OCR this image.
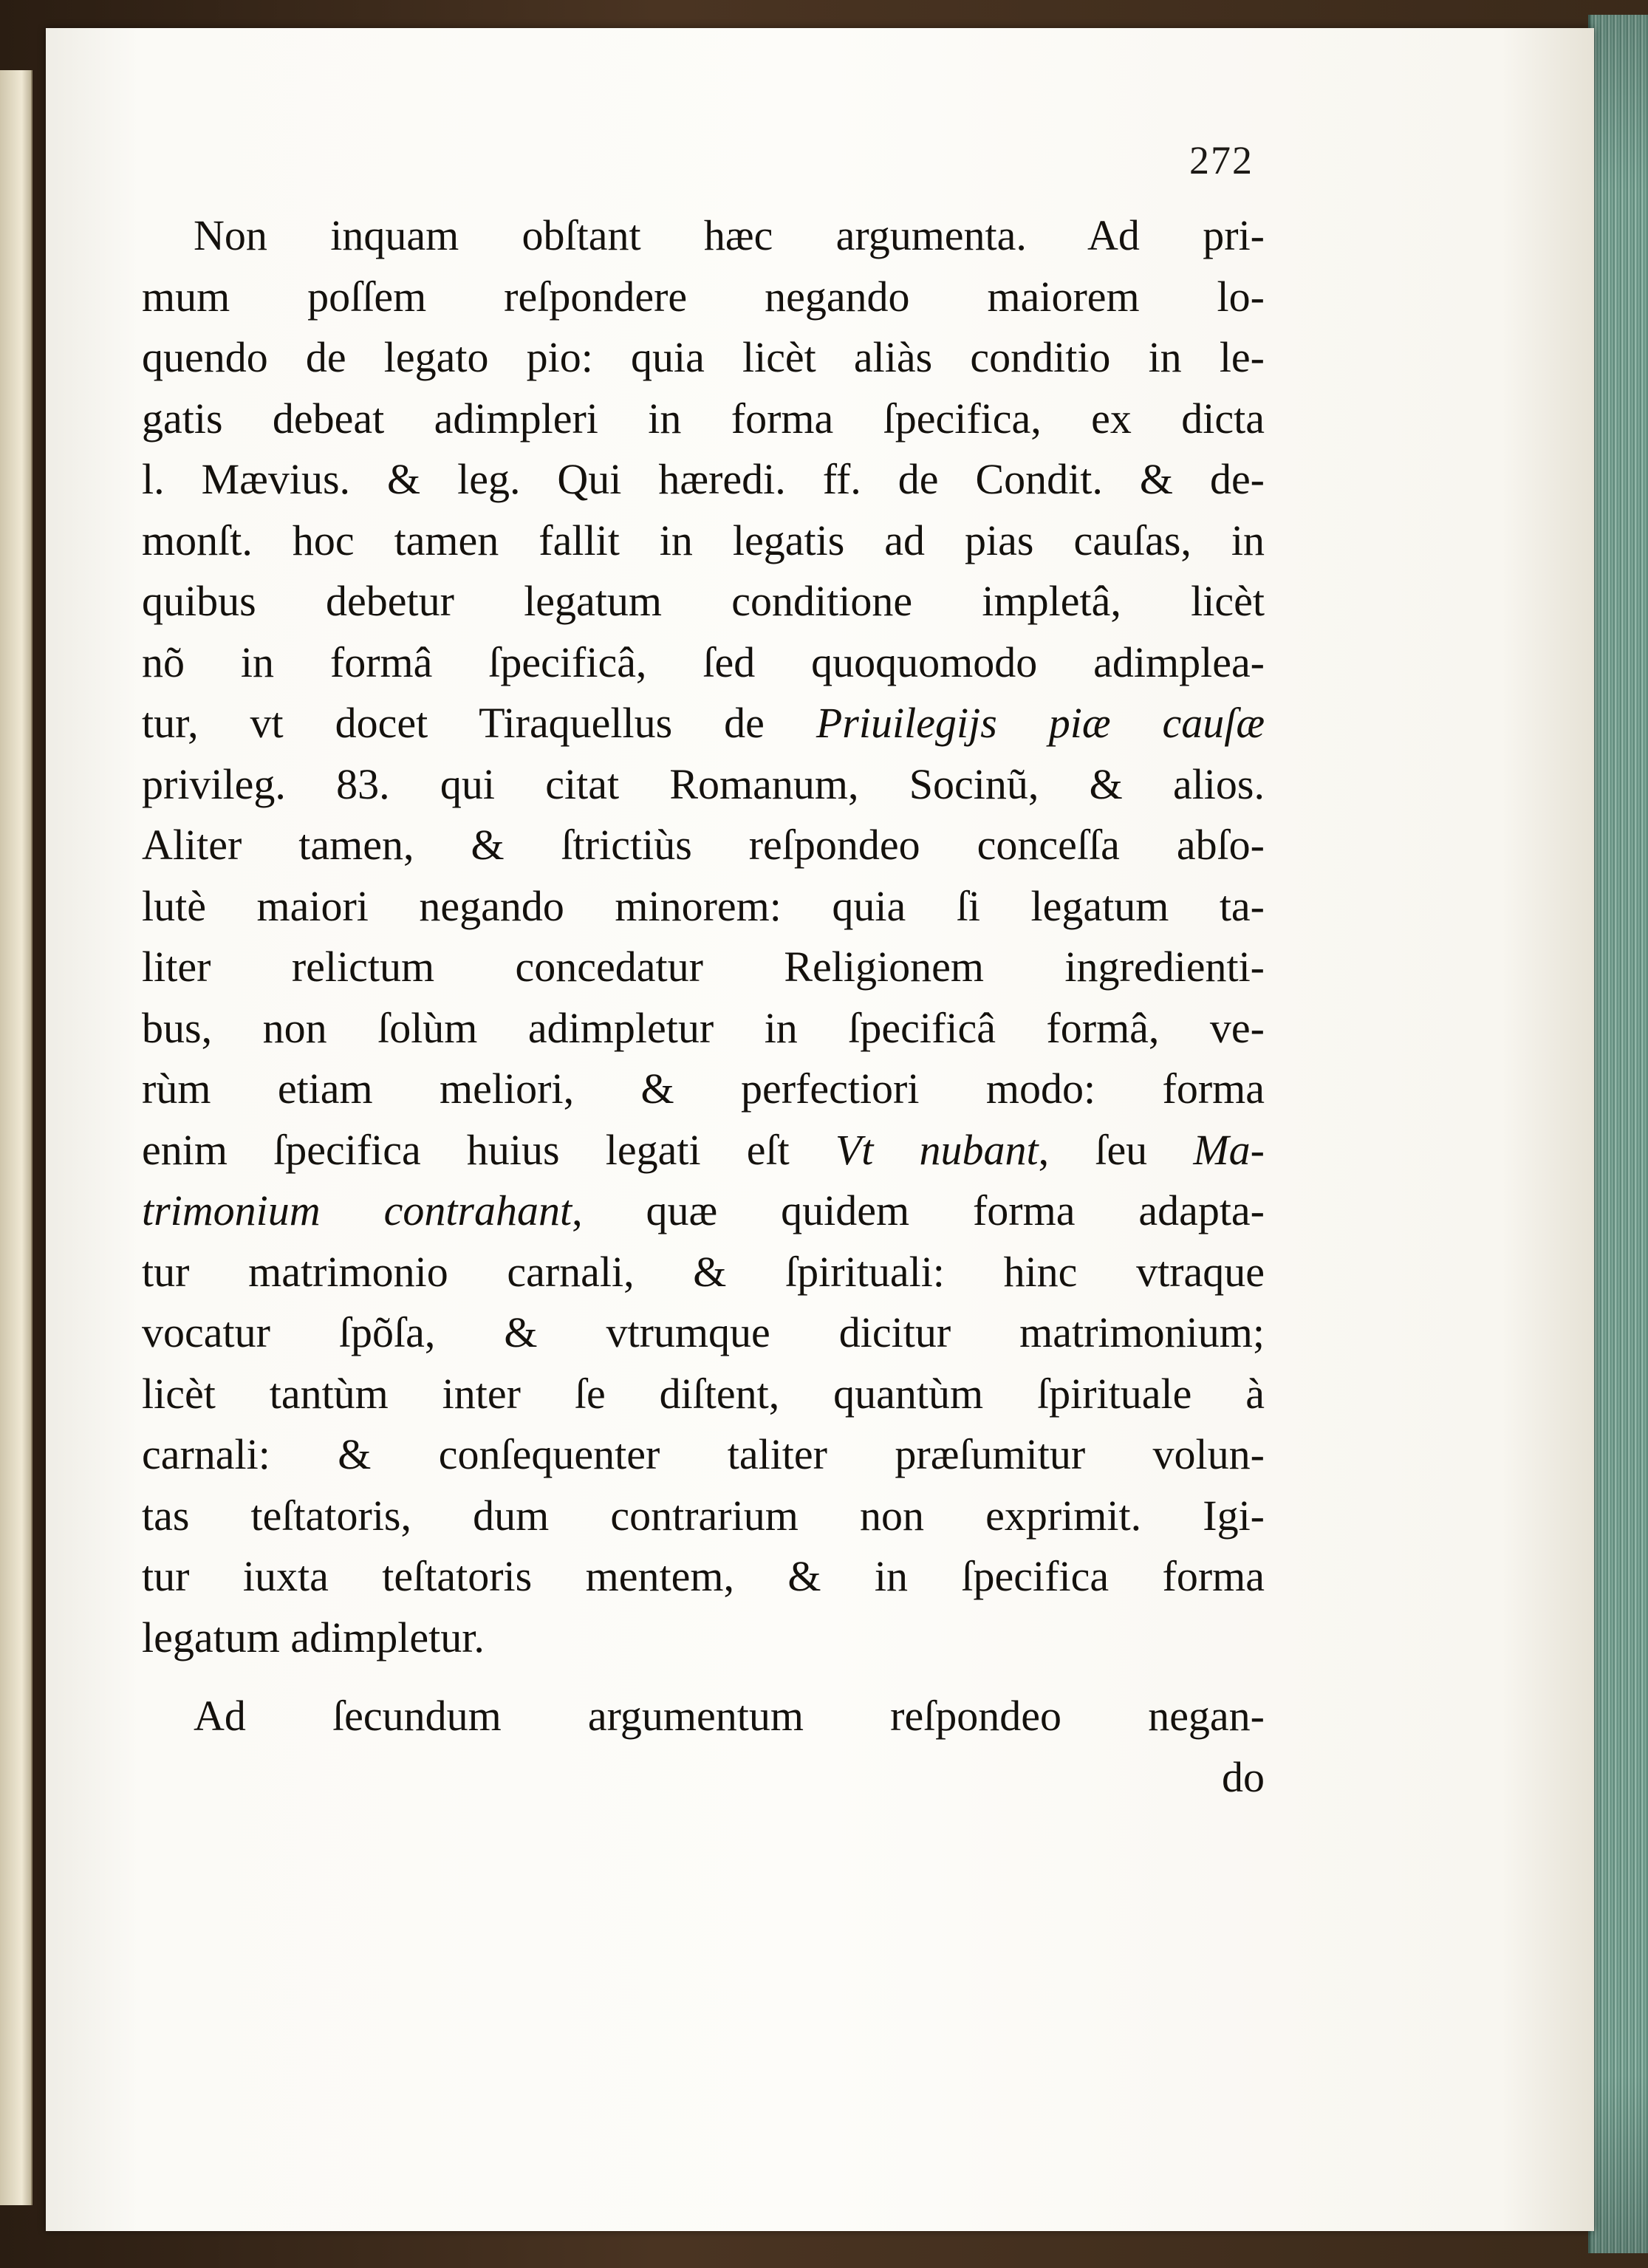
272
Non inquam obſtant hæc argumenta. Ad pri-
mum poſſem reſpondere negando maiorem lo-
quendo de legato pio: quia licèt aliàs conditio in le-
gatis debeat adimpleri in forma ſpecifica, ex dicta
l. Mævius. & leg. Qui hæredi. ff. de Condit. & de-
monſt. hoc tamen fallit in legatis ad pias cauſas, in
quibus debetur legatum conditione impletâ, licèt
nõ in formâ ſpecificâ, ſed quoquomodo adimplea-
tur, vt docet Tiraquellus de Priuilegijs piæ cauſæ
privileg. 83. qui citat Romanum, Socinũ, & alios.
Aliter tamen, & ſtrictiùs reſpondeo conceſſa abſo-
lutè maiori negando minorem: quia ſi legatum ta-
liter relictum concedatur Religionem ingredienti-
bus, non ſolùm adimpletur in ſpecificâ formâ, ve-
rùm etiam meliori, & perfectiori modo: forma
enim ſpecifica huius legati eſt Vt nubant, ſeu Ma-
trimonium contrahant, quæ quidem forma adapta-
tur matrimonio carnali, & ſpirituali: hinc vtraque
vocatur ſpõſa, & vtrumque dicitur matrimonium;
licèt tantùm inter ſe diſtent, quantùm ſpirituale à
carnali: & conſequenter taliter præſumitur volun-
tas teſtatoris, dum contrarium non exprimit. Igi-
tur iuxta teſtatoris mentem, & in ſpecifica forma
legatum adimpletur.
Ad ſecundum argumentum reſpondeo negan-
do
